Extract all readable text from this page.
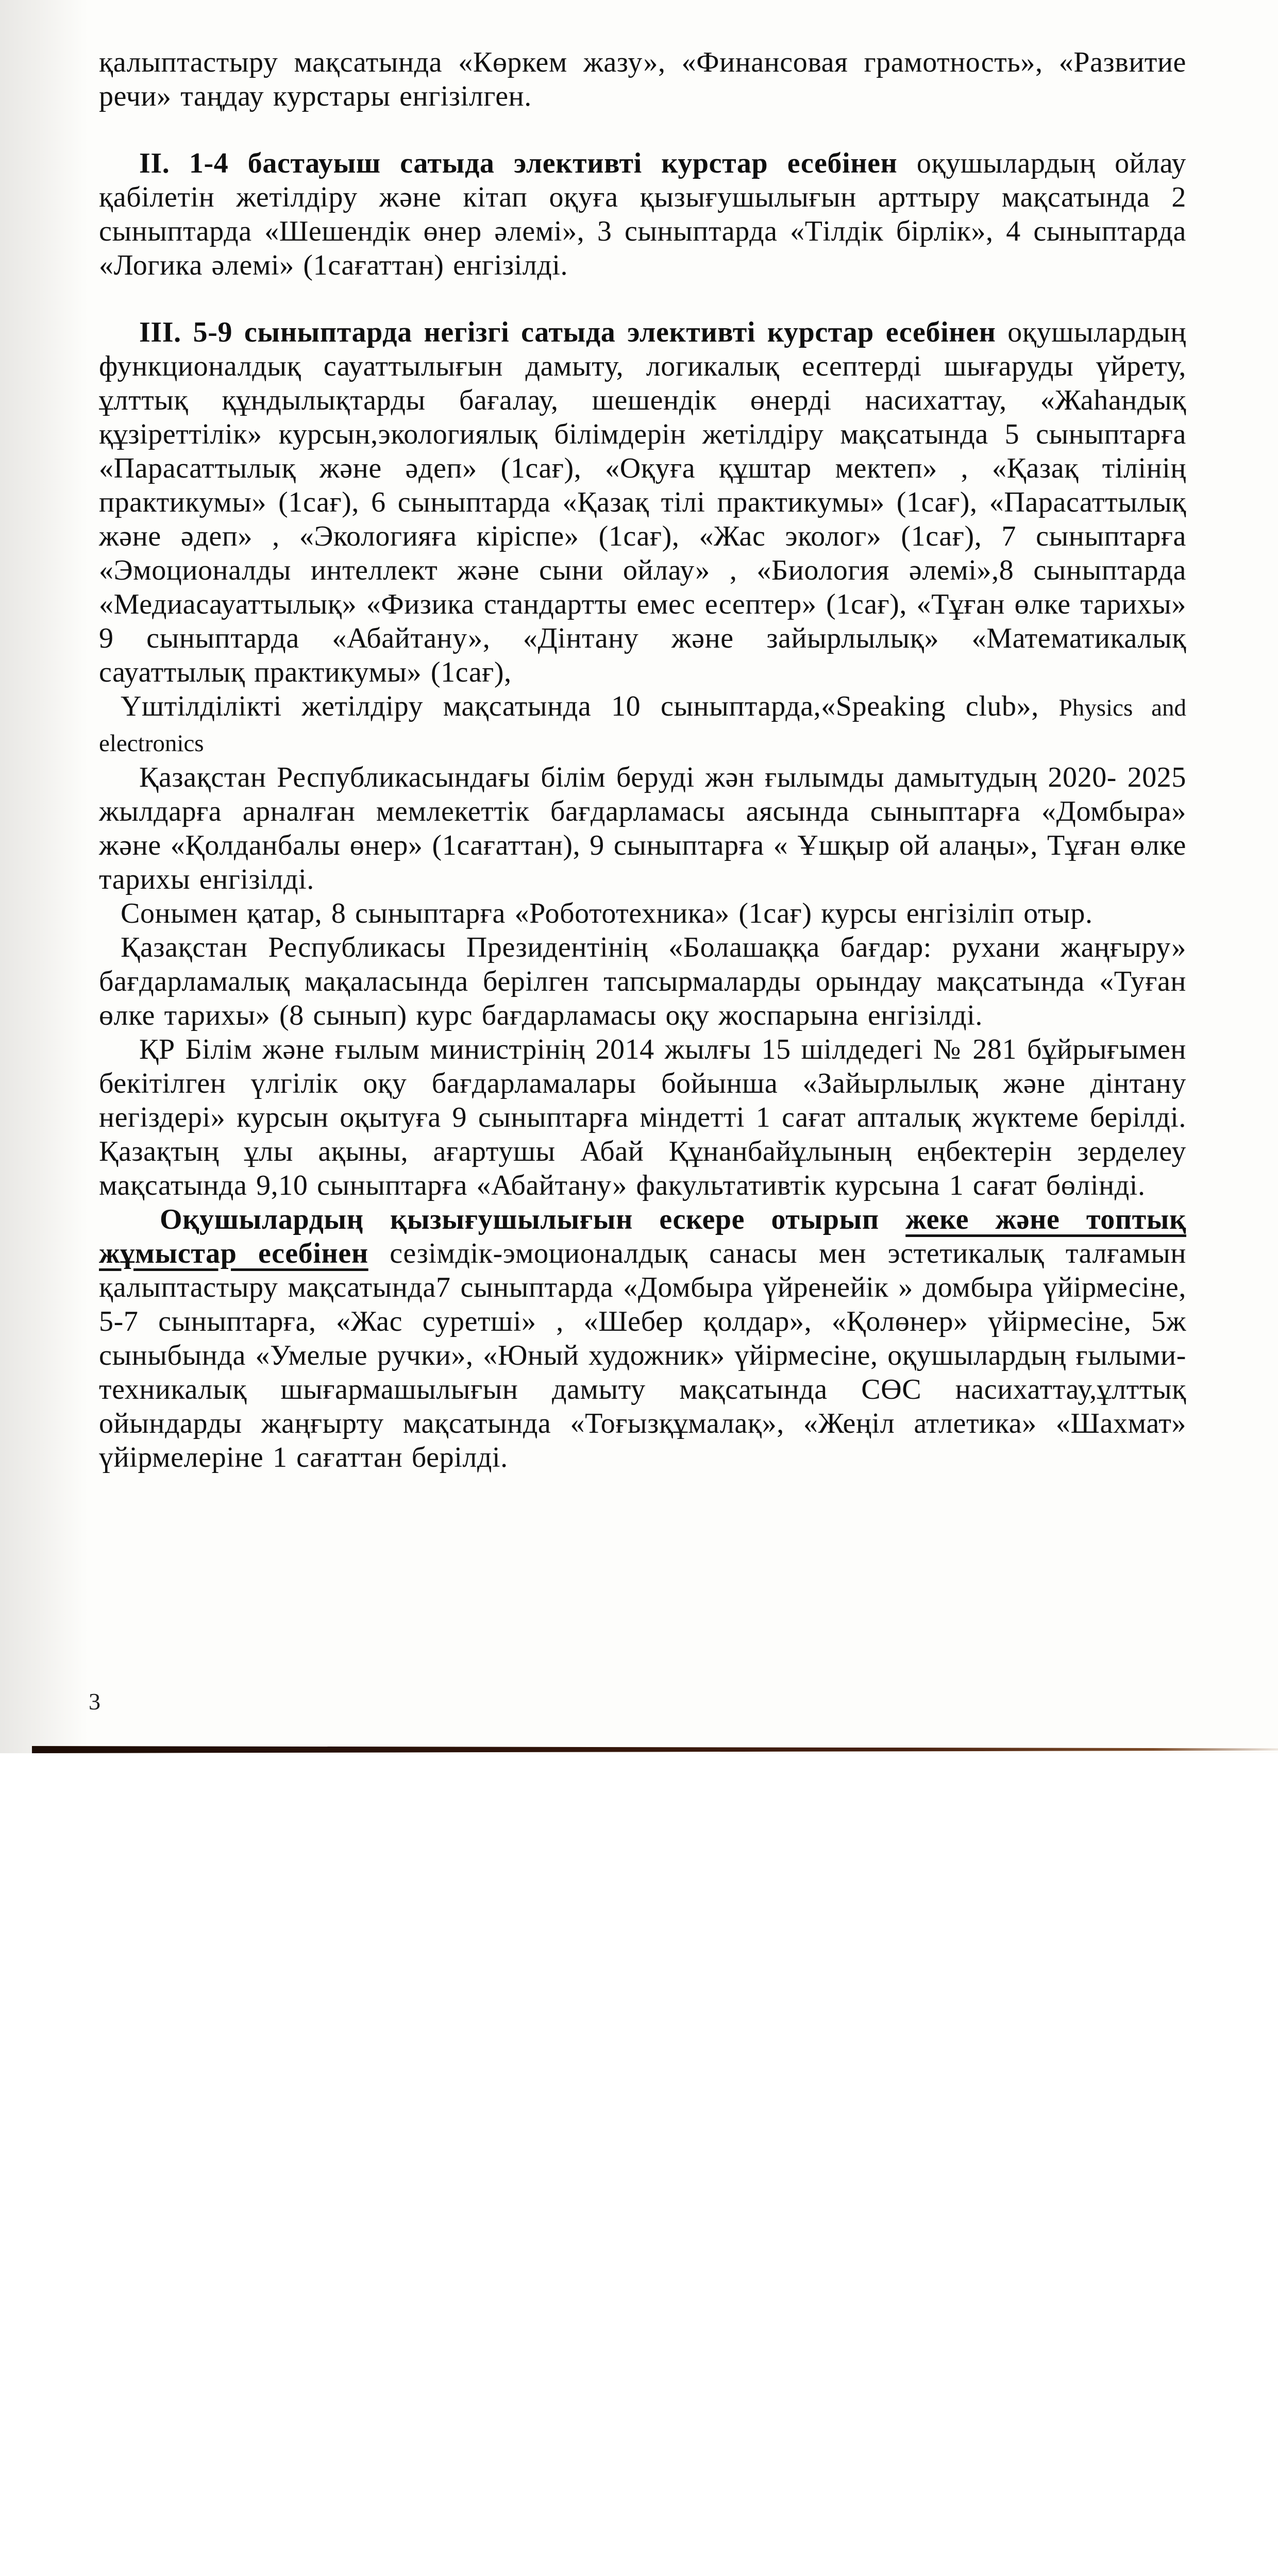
қалыптастыру мақсатында «Көркем жазу», «Финансовая грамотность», «Развитие речи» таңдау курстары енгізілген.

II. 1-4 бастауыш сатыда элективті курстар есебінен оқушылардың ойлау қабілетін жетілдіру және кітап оқуға қызығушылығын арттыру мақсатында 2 сыныптарда «Шешендік өнер әлемі», 3 сыныптарда «Тілдік бірлік», 4 сыныптарда «Логика әлемі» (1сағаттан) енгізілді.

III. 5-9 сыныптарда негізгі сатыда элективті курстар есебінен оқушылардың функционалдық сауаттылығын дамыту, логикалық есептерді шығаруды үйрету, ұлттық құндылықтарды бағалау, шешендік өнерді насихаттау, «Жаһандық құзіреттілік» курсын,экологиялық білімдерін жетілдіру мақсатында 5 сыныптарға «Парасаттылық және әдеп» (1сағ), «Оқуға құштар мектеп» , «Қазақ тілінің практикумы» (1сағ), 6 сыныптарда «Қазақ тілі практикумы» (1сағ), «Парасаттылық және әдеп» , «Экологияға кіріспе» (1сағ), «Жас эколог» (1сағ), 7 сыныптарға «Эмоционалды интеллект және сыни ойлау» , «Биология әлемі»,8 сыныптарда «Медиасауаттылық» «Физика стандартты емес есептер» (1сағ), «Тұған өлке тарихы» 9 сыныптарда «Абайтану», «Дінтану және зайырлылық» «Математикалық сауаттылық практикумы» (1сағ),

Үштілділікті жетілдіру мақсатында 10 сыныптарда,«Speaking club», Physics and electronics

Қазақстан Республикасындағы білім беруді жән ғылымды дамытудың 2020- 2025 жылдарға арналған мемлекеттік бағдарламасы аясында сыныптарға «Домбыра» және «Қолданбалы өнер» (1сағаттан), 9 сыныптарға « Ұшқыр ой алаңы», Тұған өлке тарихы енгізілді.

Сонымен қатар, 8 сыныптарға «Робототехника» (1сағ) курсы енгізіліп отыр.

Қазақстан Республикасы Президентінің «Болашаққа бағдар: рухани жаңғыру» бағдарламалық мақаласында берілген тапсырмаларды орындау мақсатында «Туған өлке тарихы» (8 сынып) курс бағдарламасы оқу жоспарына енгізілді.

ҚР Білім және ғылым министрінің 2014 жылғы 15 шілдедегі № 281 бұйрығымен бекітілген үлгілік оқу бағдарламалары бойынша «Зайырлылық және дінтану негіздері» курсын оқытуға 9 сыныптарға міндетті 1 сағат апталық жүктеме берілді. Қазақтың ұлы ақыны, ағартушы Абай Құнанбайұлының еңбектерін зерделеу мақсатында 9,10 сыныптарға «Абайтану» факультативтік курсына 1 сағат бөлінді.

Оқушылардың қызығушылығын ескере отырып жеке және топтық жұмыстар есебінен сезімдік-эмоционалдық санасы мен эстетикалық талғамын қалыптастыру мақсатында7 сыныптарда «Домбыра үйренейік » домбыра үйірмесіне, 5-7 сыныптарға, «Жас суретші» , «Шебер қолдар», «Қолөнер» үйірмесіне, 5ж сыныбында «Умелые ручки», «Юный художник» үйірмесіне, оқушылардың ғылыми-техникалық шығармашылығын дамыту мақсатында СӨС насихаттау,ұлттық ойындарды жаңғырту мақсатында «Тоғызқұмалақ», «Жеңіл атлетика» «Шахмат» үйірмелеріне 1 сағаттан берілді.

3
